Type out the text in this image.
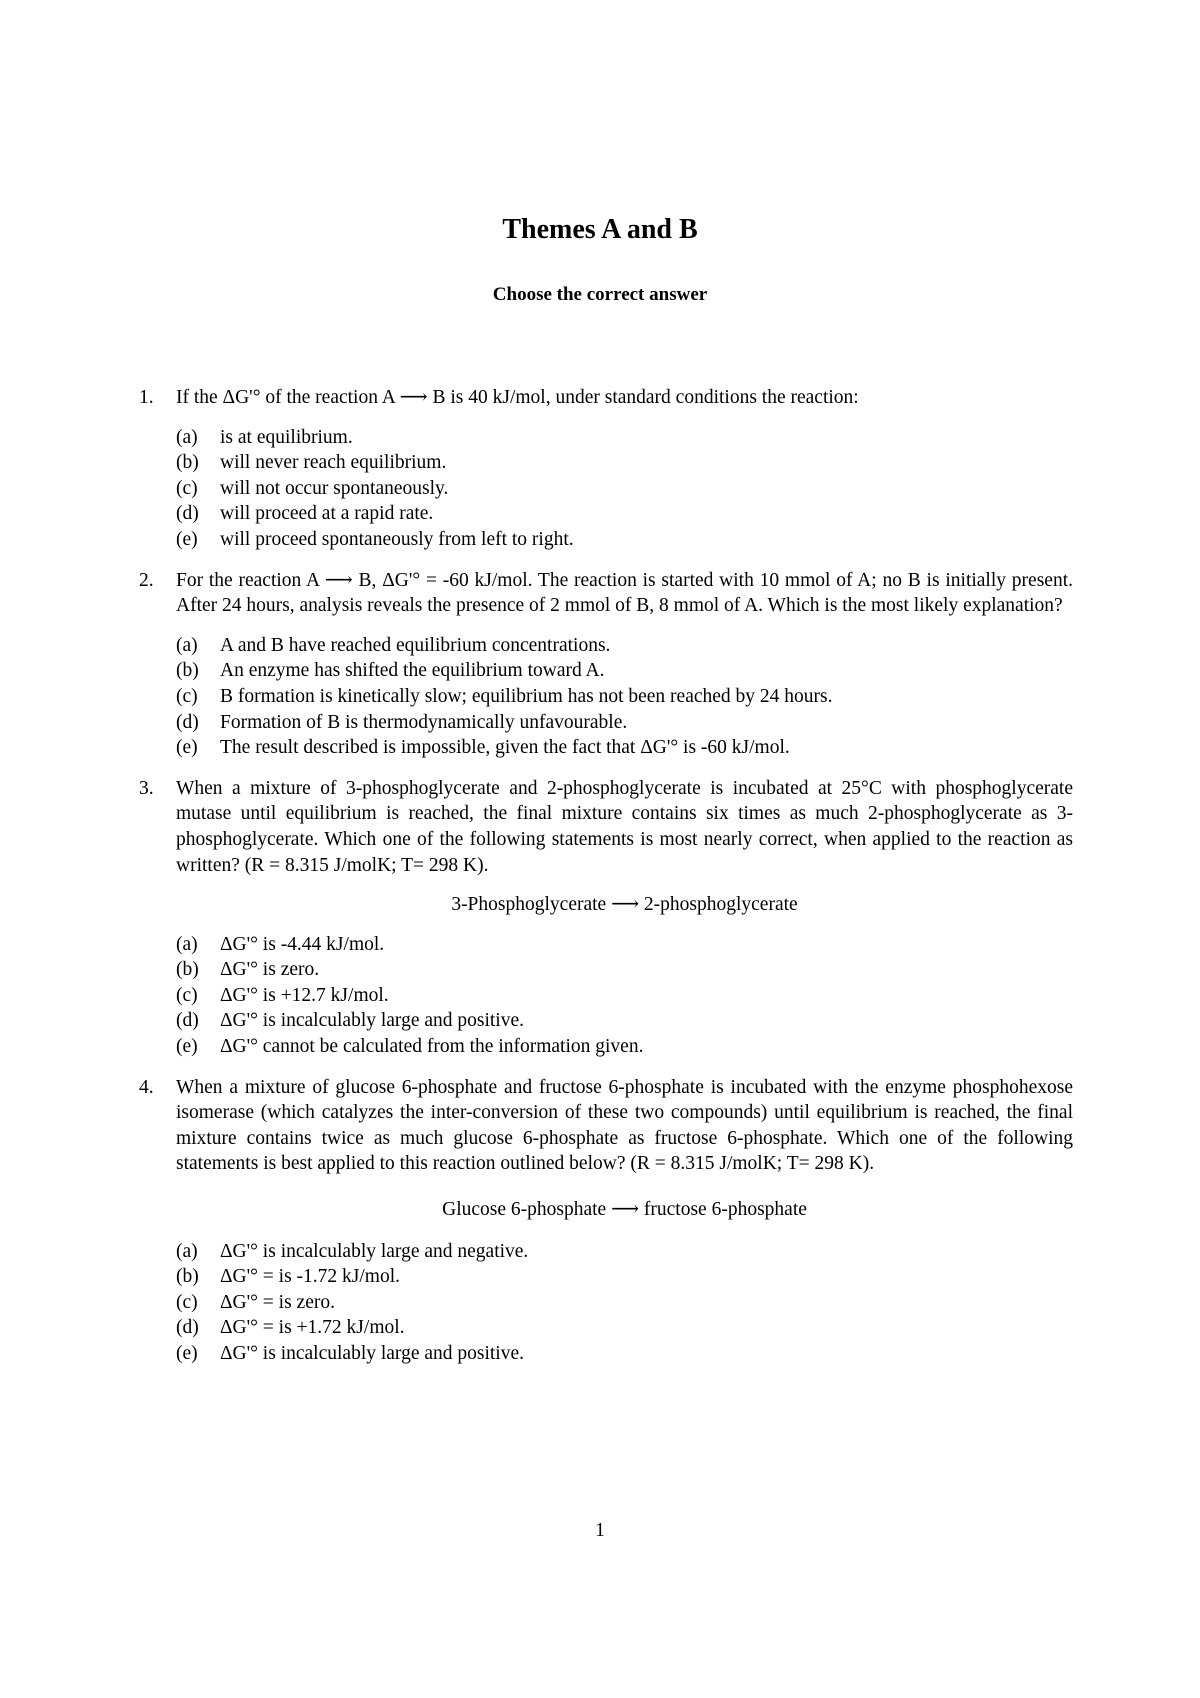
Themes A and B
Choose the correct answer
1. If the ΔG'° of the reaction A ⟶ B is 40 kJ/mol, under standard conditions the reaction:

(a) is at equilibrium.
(b) will never reach equilibrium.
(c) will not occur spontaneously.
(d) will proceed at a rapid rate.
(e) will proceed spontaneously from left to right.
2. For the reaction A ⟶ B, ΔG'° = -60 kJ/mol. The reaction is started with 10 mmol of A; no B is initially present. After 24 hours, analysis reveals the presence of 2 mmol of B, 8 mmol of A. Which is the most likely explanation?

(a) A and B have reached equilibrium concentrations.
(b) An enzyme has shifted the equilibrium toward A.
(c) B formation is kinetically slow; equilibrium has not been reached by 24 hours.
(d) Formation of B is thermodynamically unfavourable.
(e) The result described is impossible, given the fact that ΔG'° is -60 kJ/mol.
3. When a mixture of 3-phosphoglycerate and 2-phosphoglycerate is incubated at 25°C with phosphoglycerate mutase until equilibrium is reached, the final mixture contains six times as much 2-phosphoglycerate as 3-phosphoglycerate. Which one of the following statements is most nearly correct, when applied to the reaction as written? (R = 8.315 J/molK; T= 298 K).

3-Phosphoglycerate ⟶ 2-phosphoglycerate

(a) ΔG'° is -4.44 kJ/mol.
(b) ΔG'° is zero.
(c) ΔG'° is +12.7 kJ/mol.
(d) ΔG'° is incalculably large and positive.
(e) ΔG'° cannot be calculated from the information given.
4. When a mixture of glucose 6-phosphate and fructose 6-phosphate is incubated with the enzyme phosphohexose isomerase (which catalyzes the inter-conversion of these two compounds) until equilibrium is reached, the final mixture contains twice as much glucose 6-phosphate as fructose 6-phosphate. Which one of the following statements is best applied to this reaction outlined below? (R = 8.315 J/molK; T= 298 K).

Glucose 6-phosphate ⟶ fructose 6-phosphate

(a) ΔG'° is incalculably large and negative.
(b) ΔG'° = is -1.72 kJ/mol.
(c) ΔG'° = is zero.
(d) ΔG'° = is +1.72 kJ/mol.
(e) ΔG'° is incalculably large and positive.
1
